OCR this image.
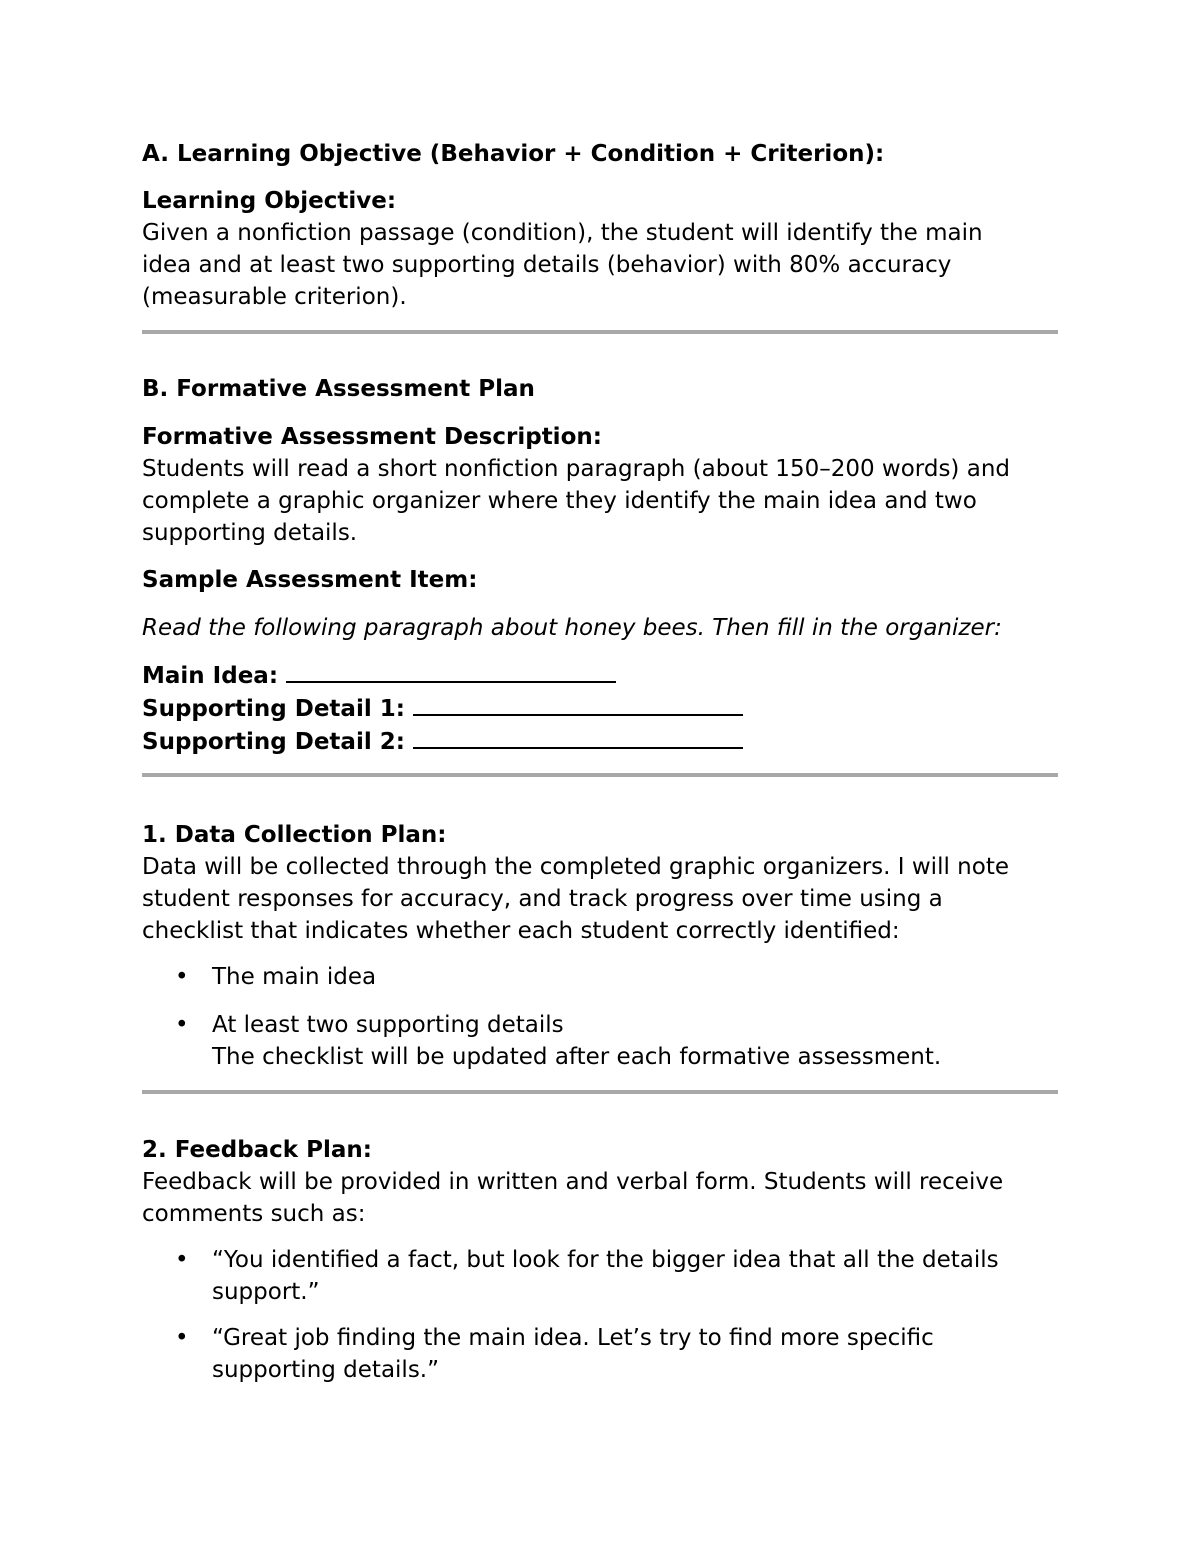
A. Learning Objective (Behavior + Condition + Criterion):

Learning Objective:

Given a nonfiction passage (condition), the student will identify the main

idea and at least two supporting details (behavior) with 80% accuracy

(measurable criterion).

B. Formative Assessment Plan

Formative Assessment Description:

Students will read a short nonfiction paragraph (about 150–200 words) and

complete a graphic organizer where they identify the main idea and two

supporting details.

Sample Assessment Item:

Read the following paragraph about honey bees. Then fill in the organizer:

Main Idea:

Supporting Detail 1:

Supporting Detail 2:

1. Data Collection Plan:

Data will be collected through the completed graphic organizers. I will note

student responses for accuracy, and track progress over time using a

checklist that indicates whether each student correctly identified:

• The main idea
• At least two supporting details
The checklist will be updated after each formative assessment.

2. Feedback Plan:

Feedback will be provided in written and verbal form. Students will receive

comments such as:

• “You identified a fact, but look for the bigger idea that all the details
support.”
• “Great job finding the main idea. Let’s try to find more specific
supporting details.”
